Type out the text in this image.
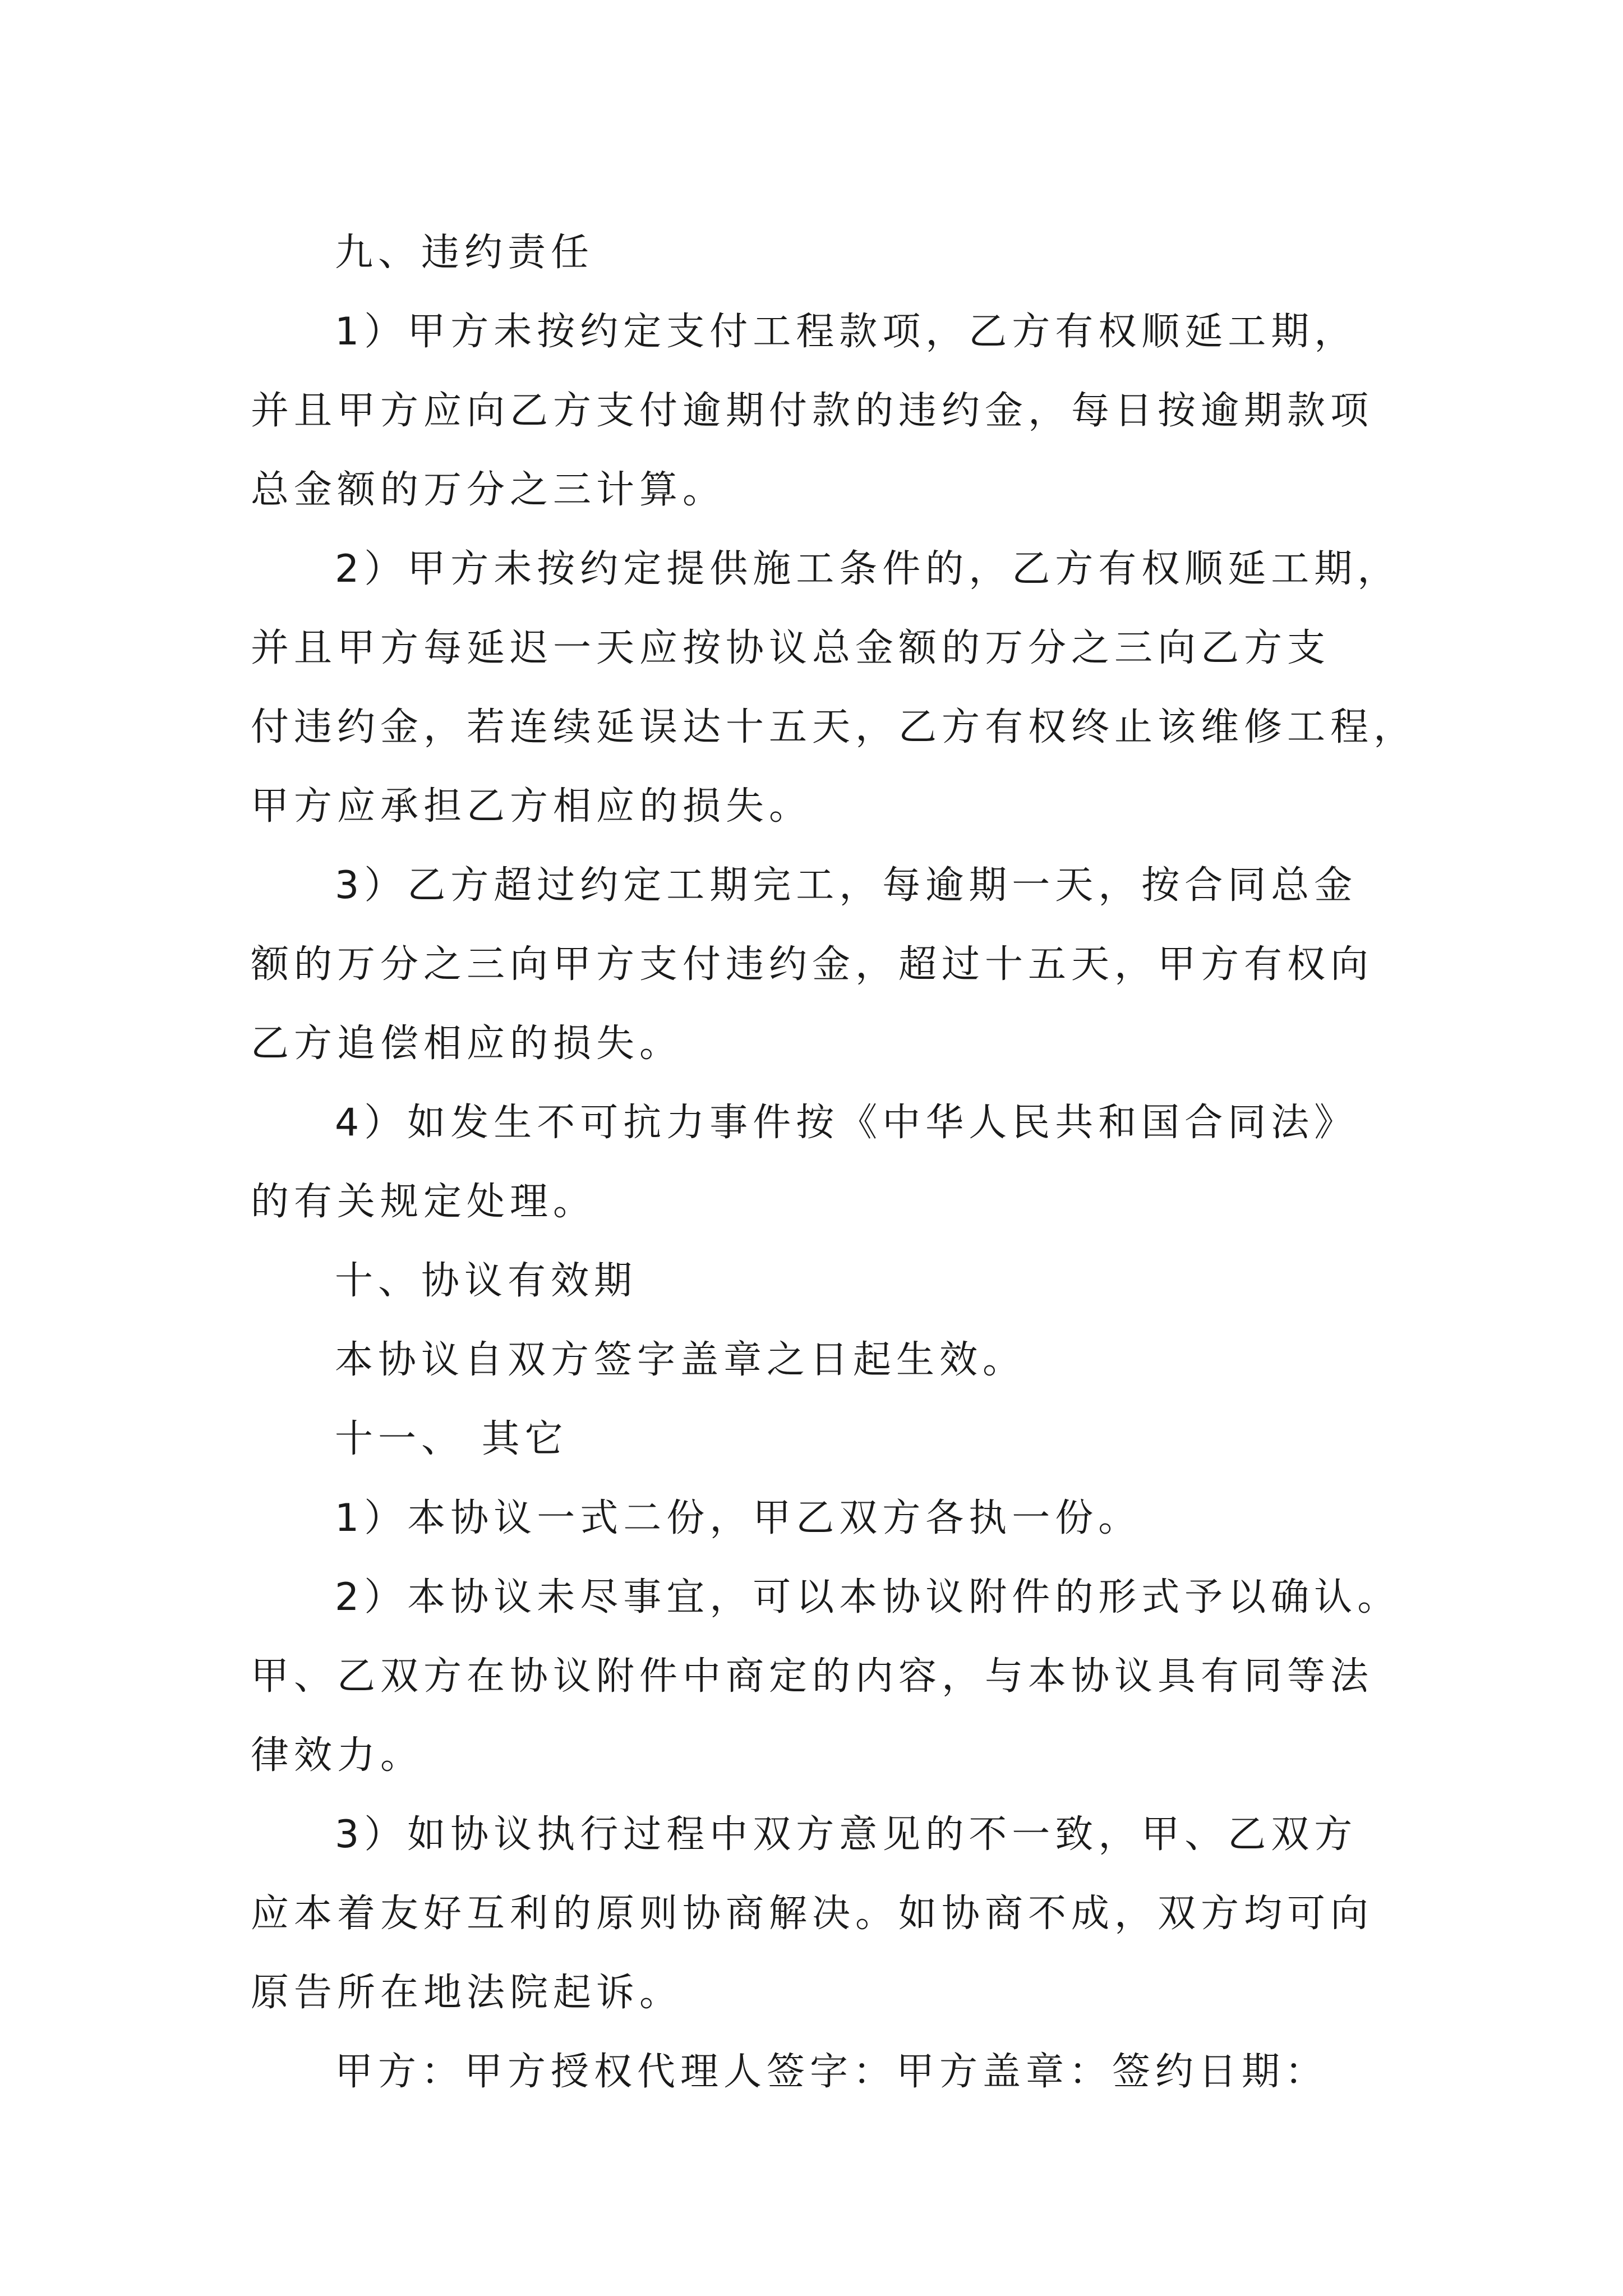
九、违约责任
1）甲方未按约定支付工程款项，乙方有权顺延工期，
并且甲方应向乙方支付逾期付款的违约金，每日按逾期款项
总金额的万分之三计算。
2）甲方未按约定提供施工条件的，乙方有权顺延工期，
并且甲方每延迟一天应按协议总金额的万分之三向乙方支
付违约金，若连续延误达十五天，乙方有权终止该维修工程，
甲方应承担乙方相应的损失。
3）乙方超过约定工期完工，每逾期一天，按合同总金
额的万分之三向甲方支付违约金，超过十五天，甲方有权向
乙方追偿相应的损失。
4）如发生不可抗力事件按《中华人民共和国合同法》
的有关规定处理。
十、协议有效期
本协议自双方签字盖章之日起生效。
十一、 其它
1）本协议一式二份，甲乙双方各执一份。
2）本协议未尽事宜，可以本协议附件的形式予以确认。
甲、乙双方在协议附件中商定的内容，与本协议具有同等法
律效力。
3）如协议执行过程中双方意见的不一致，甲、乙双方
应本着友好互利的原则协商解决。如协商不成，双方均可向
原告所在地法院起诉。
甲方：甲方授权代理人签字：甲方盖章：签约日期：
